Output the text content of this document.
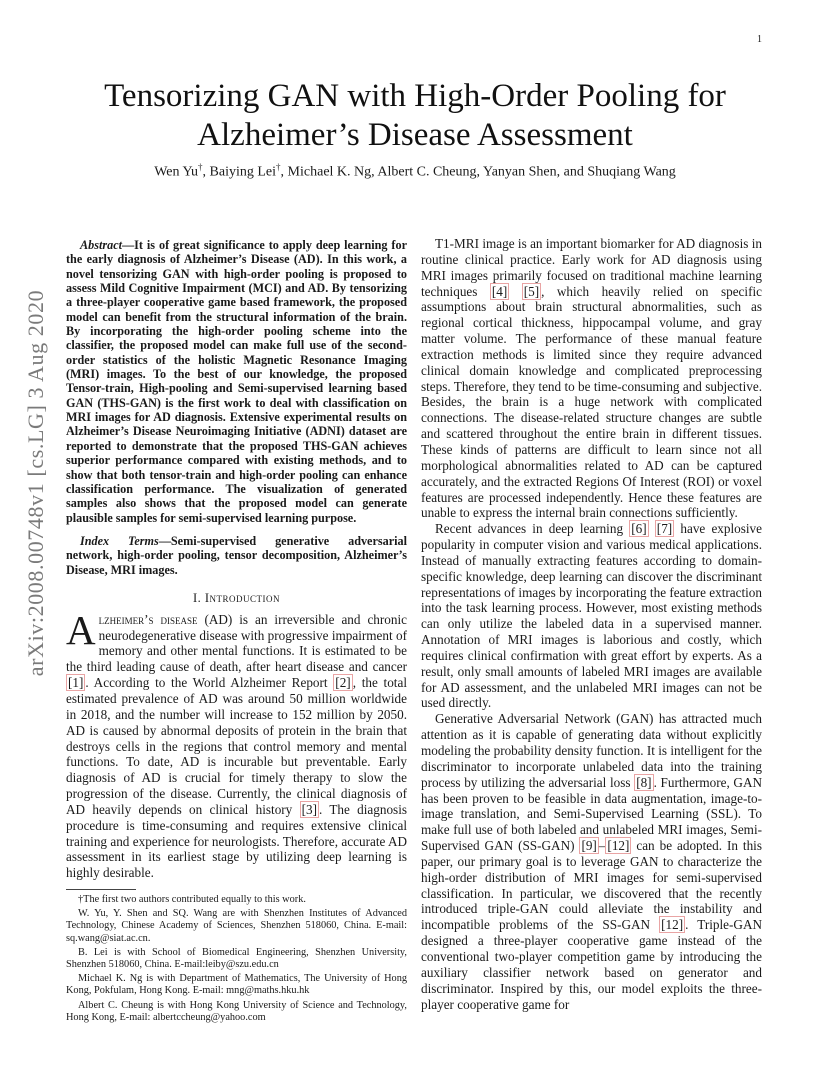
1
arXiv:2008.00748v1 [cs.LG] 3 Aug 2020
Tensorizing GAN with High-Order Pooling for
Alzheimer’s Disease Assessment
Wen Yu†, Baiying Lei†, Michael K. Ng, Albert C. Cheung, Yanyan Shen, and Shuqiang Wang

Abstract—It is of great significance to apply deep learning for the early diagnosis of Alzheimer’s Disease (AD). In this work, a novel tensorizing GAN with high-order pooling is proposed to assess Mild Cognitive Impairment (MCI) and AD. By tensorizing a three-player cooperative game based framework, the proposed model can benefit from the structural information of the brain. By incorporating the high-order pooling scheme into the classifier, the proposed model can make full use of the second-order statistics of the holistic Magnetic Resonance Imaging (MRI) images. To the best of our knowledge, the proposed Tensor-train, High-pooling and Semi-supervised learning based GAN (THS-GAN) is the first work to deal with classification on MRI images for AD diagnosis. Extensive experimental results on Alzheimer’s Disease Neuroimaging Initiative (ADNI) dataset are reported to demonstrate that the proposed THS-GAN achieves superior performance compared with existing methods, and to show that both tensor-train and high-order pooling can enhance classification performance. The visualization of generated samples also shows that the proposed model can generate plausible samples for semi-supervised learning purpose.

Index Terms—Semi-supervised generative adversarial network, high-order pooling, tensor decomposition, Alzheimer’s Disease, MRI images.

I. Introduction

Alzheimer’s disease (AD) is an irreversible and chronic neurodegenerative disease with progressive impairment of memory and other mental functions. It is estimated to be the third leading cause of death, after heart disease and cancer [1] . According to the World Alzheimer Report [2] , the total estimated prevalence of AD was around 50 million worldwide in 2018, and the number will increase to 152 million by 2050. AD is caused by abnormal deposits of protein in the brain that destroys cells in the regions that control memory and mental functions. To date, AD is incurable but preventable. Early diagnosis of AD is crucial for timely therapy to slow the progression of the disease. Currently, the clinical diagnosis of AD heavily depends on clinical history [3] . The diagnosis procedure is time-consuming and requires extensive clinical training and experience for neurologists. Therefore, accurate AD assessment in its earliest stage by utilizing deep learning is highly desirable.

†The first two authors contributed equally to this work.

W. Yu, Y. Shen and SQ. Wang are with Shenzhen Institutes of Advanced Technology, Chinese Academy of Sciences, Shenzhen 518060, China. E-mail: sq.wang@siat.ac.cn.

B. Lei is with School of Biomedical Engineering, Shenzhen University, Shenzhen 518060, China. E-mail:leiby@szu.edu.cn

Michael K. Ng is with Department of Mathematics, The University of Hong Kong, Pokfulam, Hong Kong. E-mail: mng@maths.hku.hk

Albert C. Cheung is with Hong Kong University of Science and Technology, Hong Kong, E-mail: albertccheung@yahoo.com

T1-MRI image is an important biomarker for AD diagnosis in routine clinical practice. Early work for AD diagnosis using MRI images primarily focused on traditional machine learning techniques [4] [5] , which heavily relied on specific assumptions about brain structural abnormalities, such as regional cortical thickness, hippocampal volume, and gray matter volume. The performance of these manual feature extraction methods is limited since they require advanced clinical domain knowledge and complicated preprocessing steps. Therefore, they tend to be time-consuming and subjective. Besides, the brain is a huge network with complicated connections. The disease-related structure changes are subtle and scattered throughout the entire brain in different tissues. These kinds of patterns are difficult to learn since not all morphological abnormalities related to AD can be captured accurately, and the extracted Regions Of Interest (ROI) or voxel features are processed independently. Hence these features are unable to express the internal brain connections sufficiently.

Recent advances in deep learning [6] [7] have explosive popularity in computer vision and various medical applications. Instead of manually extracting features according to domain-specific knowledge, deep learning can discover the discriminant representations of images by incorporating the feature extraction into the task learning process. However, most existing methods can only utilize the labeled data in a supervised manner. Annotation of MRI images is laborious and costly, which requires clinical confirmation with great effort by experts. As a result, only small amounts of labeled MRI images are available for AD assessment, and the unlabeled MRI images can not be used directly.

Generative Adversarial Network (GAN) has attracted much attention as it is capable of generating data without explicitly modeling the probability density function. It is intelligent for the discriminator to incorporate unlabeled data into the training process by utilizing the adversarial loss [8] . Furthermore, GAN has been proven to be feasible in data augmentation, image-to-image translation, and Semi-Supervised Learning (SSL). To make full use of both labeled and unlabeled MRI images, Semi-Supervised GAN (SS-GAN) [9] – [12] can be adopted. In this paper, our primary goal is to leverage GAN to characterize the high-order distribution of MRI images for semi-supervised classification. In particular, we discovered that the recently introduced triple-GAN could alleviate the instability and incompatible problems of the SS-GAN [12] . Triple-GAN designed a three-player cooperative game instead of the conventional two-player competition game by introducing the auxiliary classifier network based on generator and discriminator. Inspired by this, our model exploits the three-player cooperative game for
